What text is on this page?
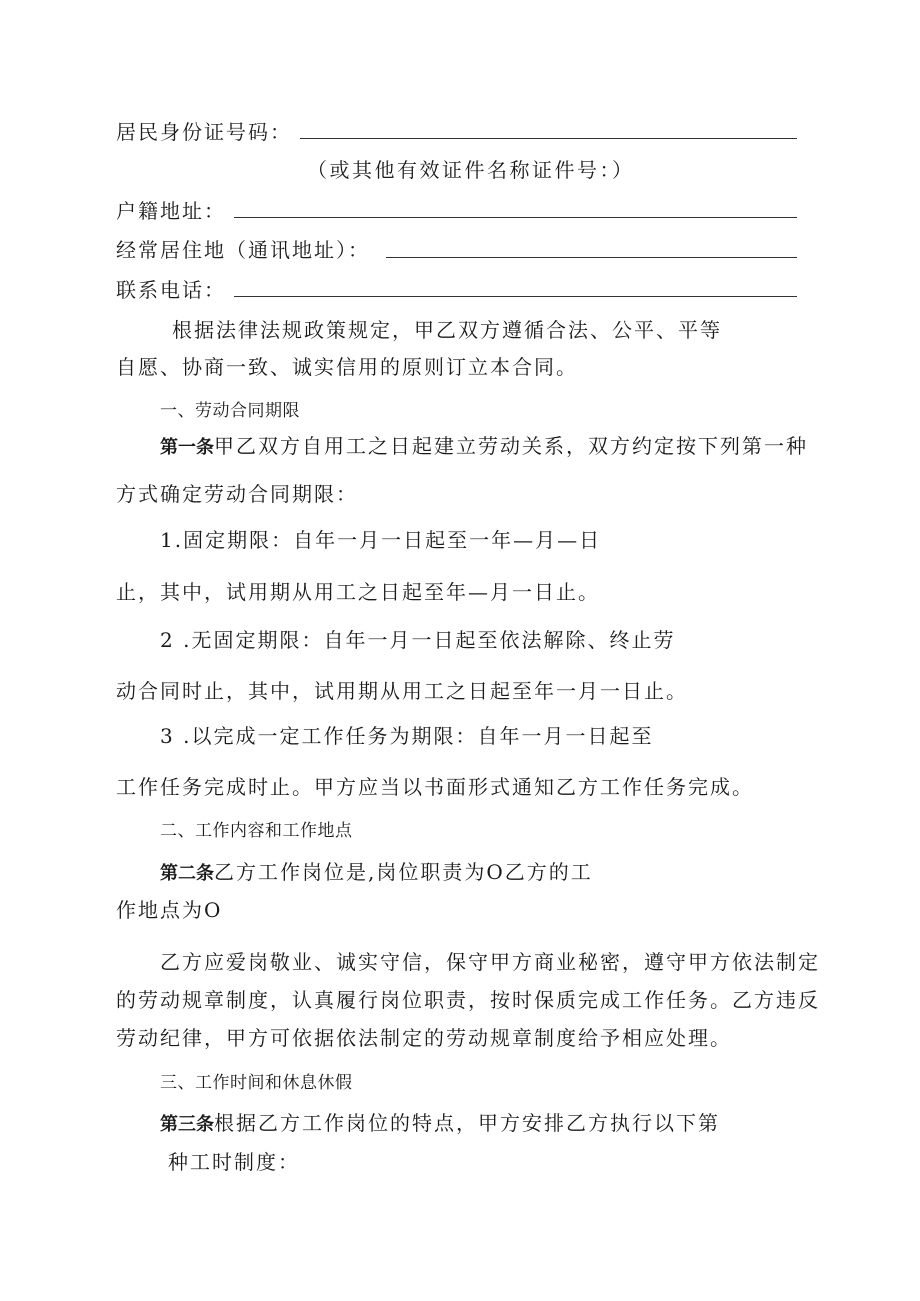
居民身份证号码：
（或其他有效证件名称证件号：）
户籍地址：
经常居住地（通讯地址）：
联系电话：
根据法律法规政策规定，甲乙双方遵循合法、公平、平等
自愿、协商一致、诚实信用的原则订立本合同。
一、劳动合同期限
第一条甲乙双方自用工之日起建立劳动关系，双方约定按下列第一种
方式确定劳动合同期限：
1.固定期限：自年一月一日起至一年—月—日
止，其中，试用期从用工之日起至年—月一日止。
2 .无固定期限：自年一月一日起至依法解除、终止劳
动合同时止，其中，试用期从用工之日起至年一月一日止。
3 .以完成一定工作任务为期限：自年一月一日起至
工作任务完成时止。甲方应当以书面形式通知乙方工作任务完成。
二、工作内容和工作地点
第二条乙方工作岗位是,岗位职责为O乙方的工
作地点为O
乙方应爱岗敬业、诚实守信，保守甲方商业秘密，遵守甲方依法制定
的劳动规章制度，认真履行岗位职责，按时保质完成工作任务。乙方违反
劳动纪律，甲方可依据依法制定的劳动规章制度给予相应处理。
三、工作时间和休息休假
第三条根据乙方工作岗位的特点，甲方安排乙方执行以下第
种工时制度：
